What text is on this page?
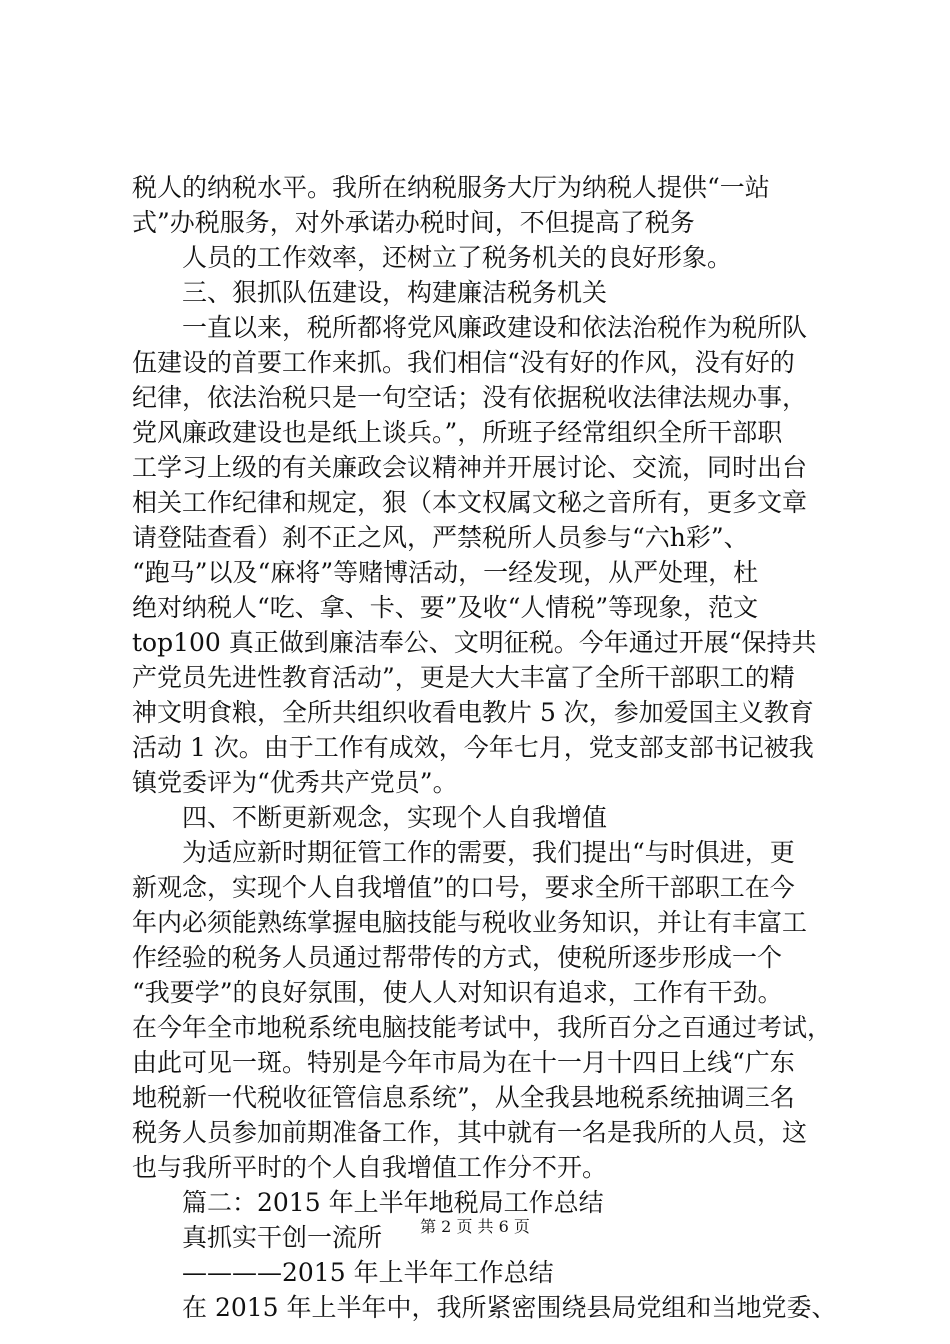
税人的纳税水平。我所在纳税服务大厅为纳税人提供“一站
式”办税服务，对外承诺办税时间，不但提高了税务
人员的工作效率，还树立了税务机关的良好形象。
三、狠抓队伍建设，构建廉洁税务机关
一直以来，税所都将党风廉政建设和依法治税作为税所队
伍建设的首要工作来抓。我们相信“没有好的作风，没有好的
纪律，依法治税只是一句空话；没有依据税收法律法规办事，
党风廉政建设也是纸上谈兵。”，所班子经常组织全所干部职
工学习上级的有关廉政会议精神并开展讨论、交流，同时出台
相关工作纪律和规定，狠（本文权属文秘之音所有，更多文章
请登陆查看）刹不正之风，严禁税所人员参与“六h彩”、
“跑马”以及“麻将”等赌博活动，一经发现，从严处理，杜
绝对纳税人“吃、拿、卡、要”及收“人情税”等现象，范文
top100 真正做到廉洁奉公、文明征税。今年通过开展“保持共
产党员先进性教育活动”，更是大大丰富了全所干部职工的精
神文明食粮，全所共组织收看电教片 5 次，参加爱国主义教育
活动 1 次。由于工作有成效，今年七月，党支部支部书记被我
镇党委评为“优秀共产党员”。
四、不断更新观念，实现个人自我增值
为适应新时期征管工作的需要，我们提出“与时俱进，更
新观念，实现个人自我增值”的口号，要求全所干部职工在今
年内必须能熟练掌握电脑技能与税收业务知识，并让有丰富工
作经验的税务人员通过帮带传的方式，使税所逐步形成一个
“我要学”的良好氛围，使人人对知识有追求，工作有干劲。
在今年全市地税系统电脑技能考试中，我所百分之百通过考试，
由此可见一斑。特别是今年市局为在十一月十四日上线“广东
地税新一代税收征管信息系统”，从全我县地税系统抽调三名
税务人员参加前期准备工作，其中就有一名是我所的人员，这
也与我所平时的个人自我增值工作分不开。
篇二：2015 年上半年地税局工作总结
真抓实干创一流所
————2015 年上半年工作总结
在 2015 年上半年中，我所紧密围绕县局党组和当地党委、
第 2 页 共 6 页
